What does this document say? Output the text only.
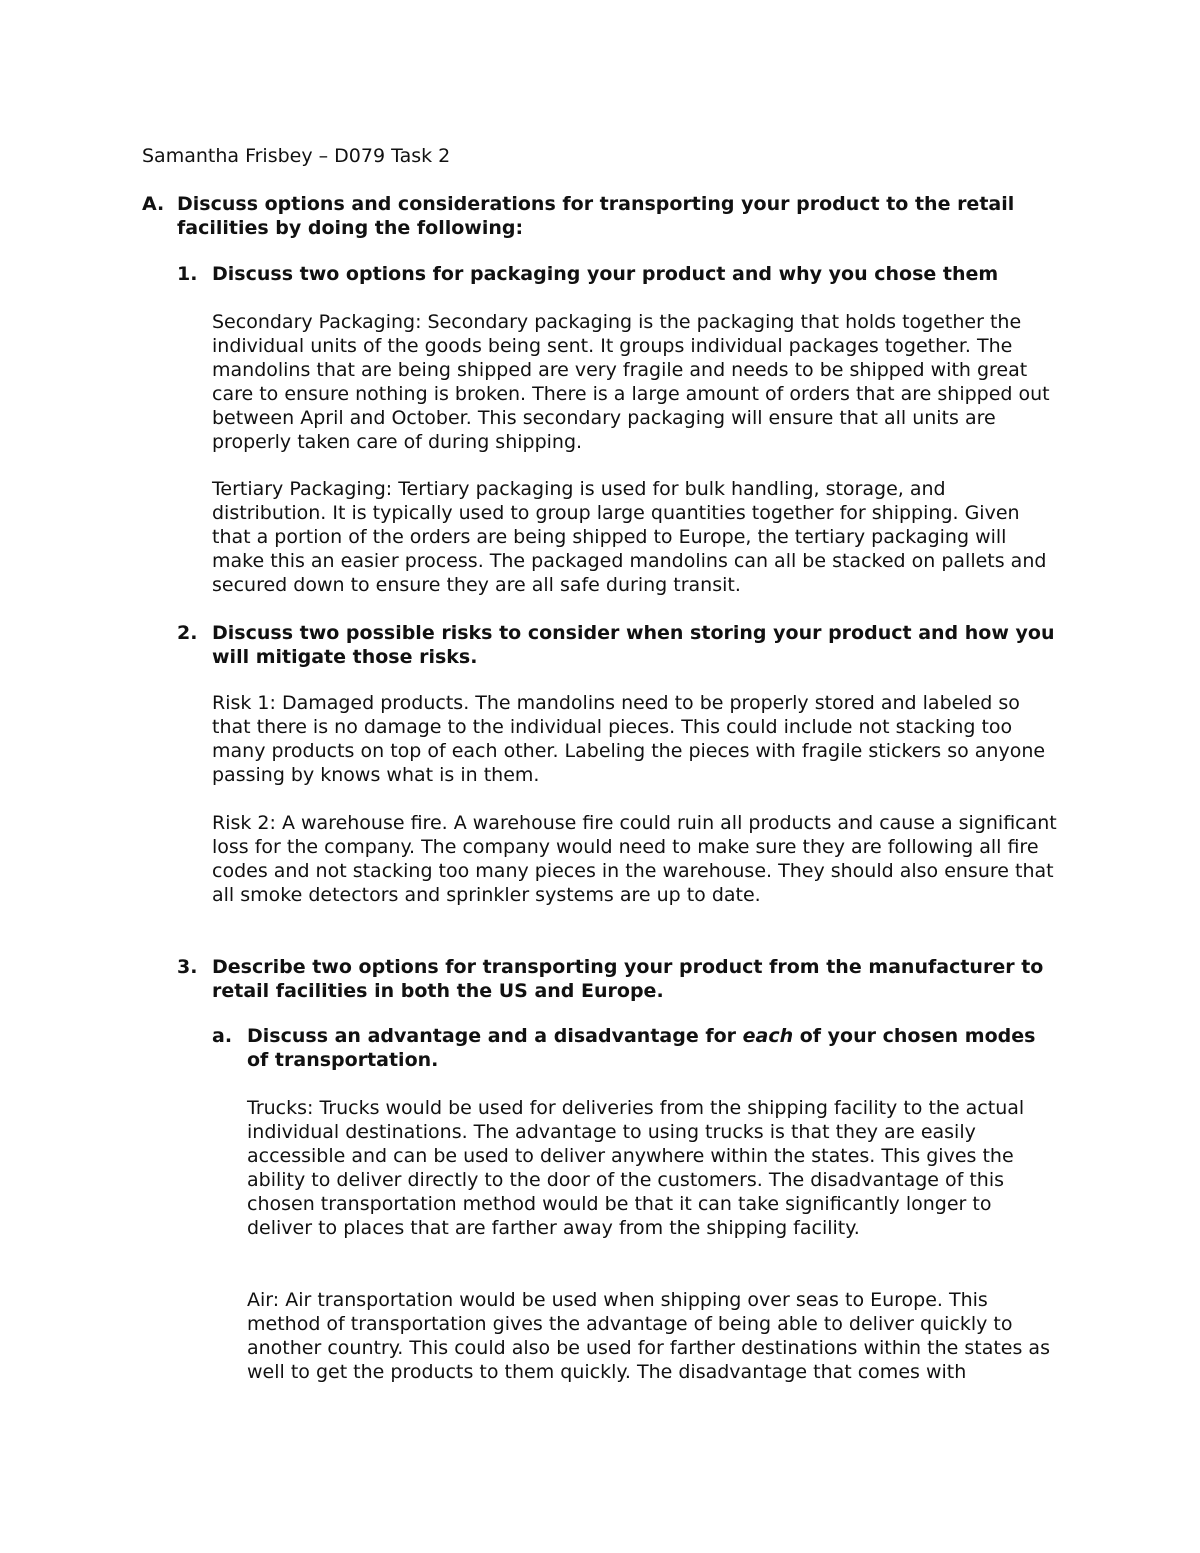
Samantha Frisbey – D079 Task 2

A. Discuss options and considerations for transporting your product to the retail facilities by doing the following:

1. Discuss two options for packaging your product and why you chose them

Secondary Packaging: Secondary packaging is the packaging that holds together the individual units of the goods being sent. It groups individual packages together. The mandolins that are being shipped are very fragile and needs to be shipped with great care to ensure nothing is broken. There is a large amount of orders that are shipped out between April and October. This secondary packaging will ensure that all units are properly taken care of during shipping.

Tertiary Packaging: Tertiary packaging is used for bulk handling, storage, and distribution. It is typically used to group large quantities together for shipping. Given that a portion of the orders are being shipped to Europe, the tertiary packaging will make this an easier process. The packaged mandolins can all be stacked on pallets and secured down to ensure they are all safe during transit.

2. Discuss two possible risks to consider when storing your product and how you will mitigate those risks.

Risk 1: Damaged products. The mandolins need to be properly stored and labeled so that there is no damage to the individual pieces. This could include not stacking too many products on top of each other. Labeling the pieces with fragile stickers so anyone passing by knows what is in them.

Risk 2: A warehouse fire. A warehouse fire could ruin all products and cause a significant loss for the company. The company would need to make sure they are following all fire codes and not stacking too many pieces in the warehouse. They should also ensure that all smoke detectors and sprinkler systems are up to date.

3. Describe two options for transporting your product from the manufacturer to retail facilities in both the US and Europe.

a. Discuss an advantage and a disadvantage for each of your chosen modes of transportation.

Trucks: Trucks would be used for deliveries from the shipping facility to the actual individual destinations. The advantage to using trucks is that they are easily accessible and can be used to deliver anywhere within the states. This gives the ability to deliver directly to the door of the customers. The disadvantage of this chosen transportation method would be that it can take significantly longer to deliver to places that are farther away from the shipping facility.

Air: Air transportation would be used when shipping over seas to Europe. This method of transportation gives the advantage of being able to deliver quickly to another country. This could also be used for farther destinations within the states as well to get the products to them quickly. The disadvantage that comes with
